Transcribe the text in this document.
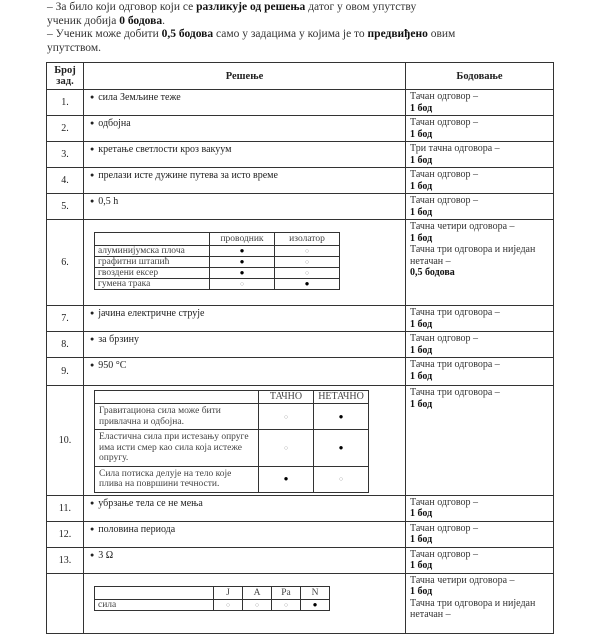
– За било који одговор који се разликује од решења датог у овом упутству

ученик добија 0 бодова.

– Ученик може добити 0,5 бодова само у задацима у којима је то предвиђено овим

упутством.

Број
зад.	Решење	Бодовање
1.	●сила Земљине теже	Тачан одговор –
1 бод

2.	●одбојна	Тачан одговор –
1 бод

3.	●кретање светлости кроз вакуум	Три тачна одговора –
1 бод

4.	●прелази исте дужине путева за исто време	Тачан одговор –
1 бод

5.	●0,5 h	Тачан одговор –
1 бод

6.	
	проводник	изолатор
алуминијумска плоча	●	○
графитни штапић	●	○
гвоздени ексер	●	○
гумена трака	○	●

Тачна четири одговора –
1 бод
Тачна три одговора и ниједан нетачан –
0,5 бодова

7.	●јачина електричне струје	Тачна три одговора –
1 бод

8.	●за брзину	Тачан одговор –
1 бод

9.	● 950 °C	Тачна три одговора –
1 бод

10.	
	ТАЧНО	НЕТАЧНО
Гравитациона сила може бити привлачна и одбојна.	○	●
Еластична сила при истезању опруге има исти смер као сила која истеже опругу.	○	●
Сила потиска делује на тело које плива на површини течности.	●	○

Тачна три одговора –
1 бод

11.	●убрзање тела се не мења	Тачан одговор –
1 бод

12.	●половина периода	Тачан одговор –
1 бод

13.	●3 Ω	Тачан одговор –
1 бод

	J	A	Pa	N
сила	○	○	○	●

Тачна четири одговора –
1 бод
Тачна три одговора и ниједан нетачан –
